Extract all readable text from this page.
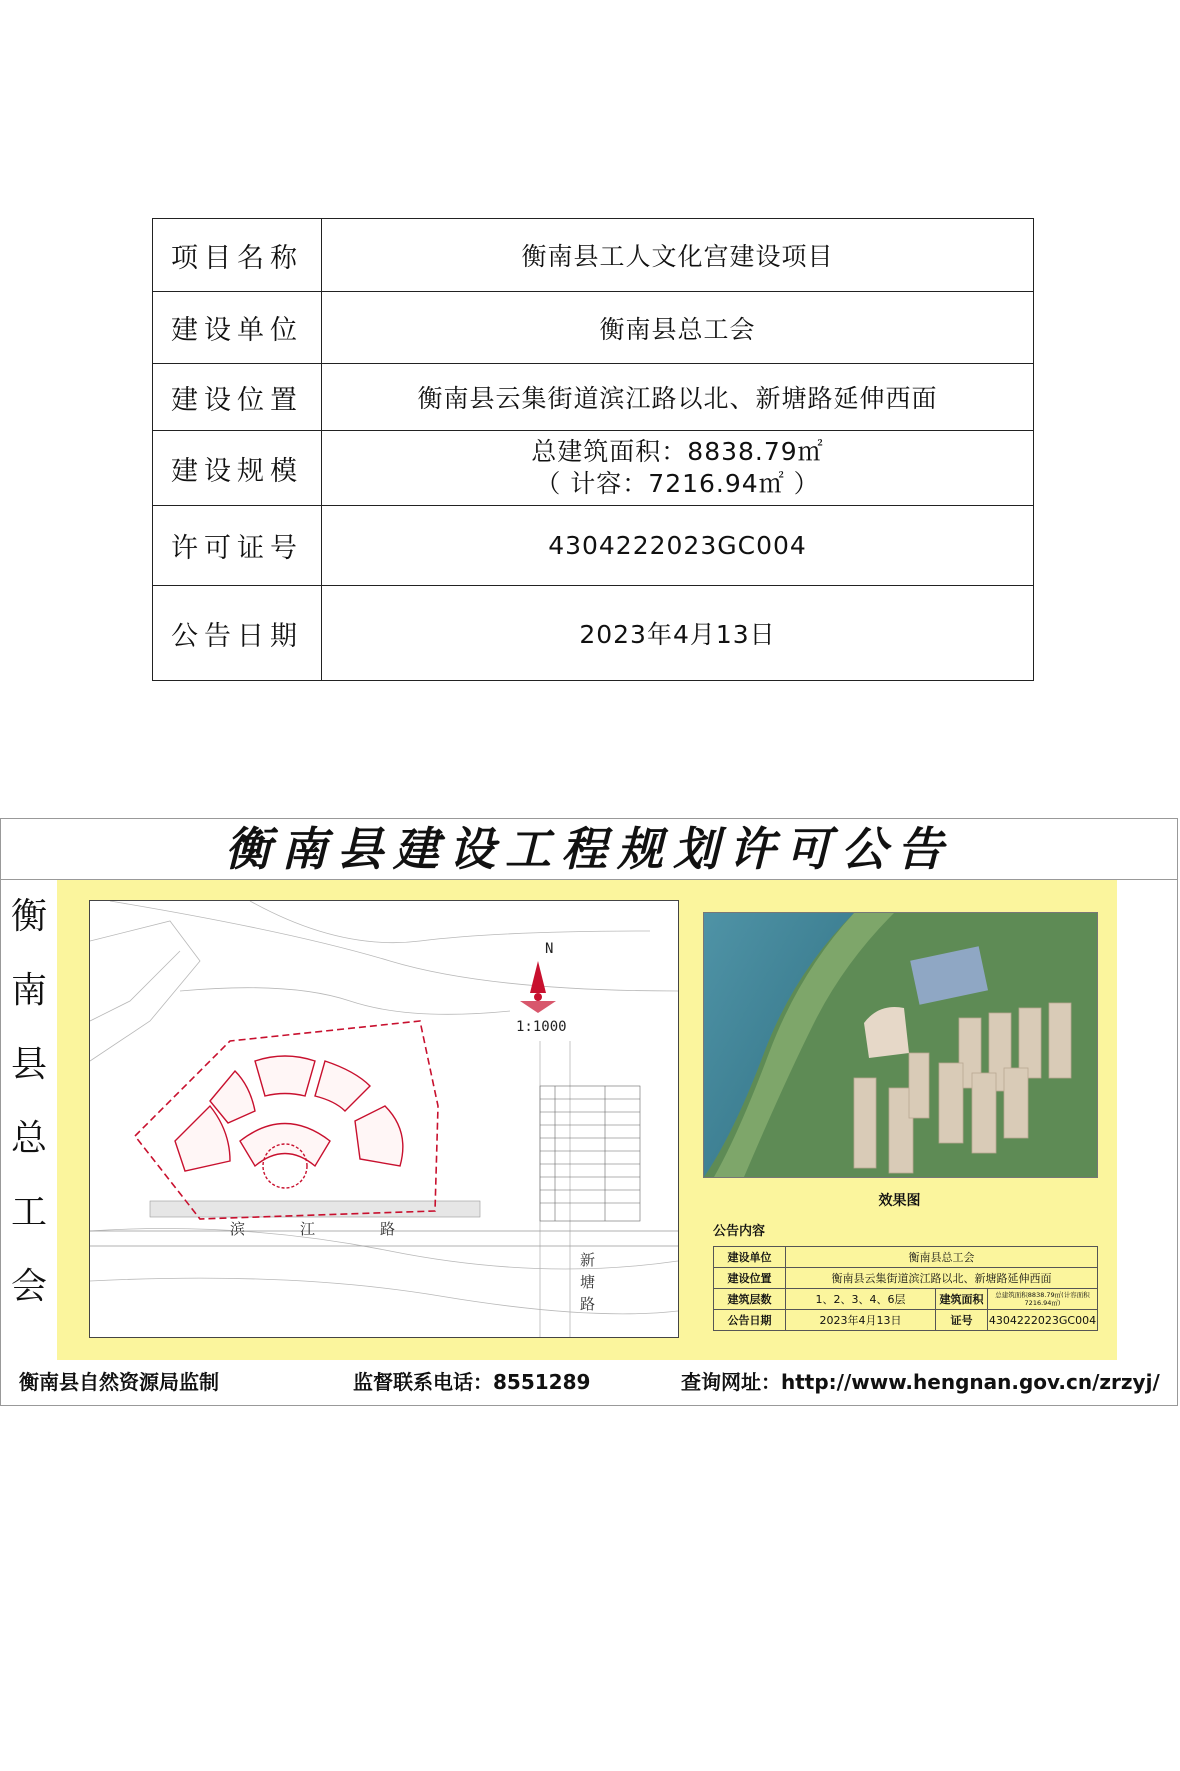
项目名称	衡南县工人文化宫建设项目
建设单位	衡南县总工会
建设位置	衡南县云集街道滨江路以北、新塘路延伸西面
建设规模	总建筑面积：8838.79㎡
（ 计容：7216.94㎡ ）

许可证号	4304222023GC004
公告日期	2023年4月13日
衡南县建设工程规划许可公告
衡
南
县
总
工
会
N
1:1000
滨	江	路
新
塘
路
效果图
公告内容
建设单位	衡南县总工会		
建设位置	衡南县云集街道滨江路以北、新塘路延伸西面		
建筑层数	1、2、3、4、6层	建筑面积	总建筑面积8838.79㎡(计容面积7216.94㎡)
公告日期	2023年4月13日	证号	4304222023GC004
衡南县自然资源局监制	监督联系电话：8551289	查询网址：http://www.hengnan.gov.cn/zrzyj/
